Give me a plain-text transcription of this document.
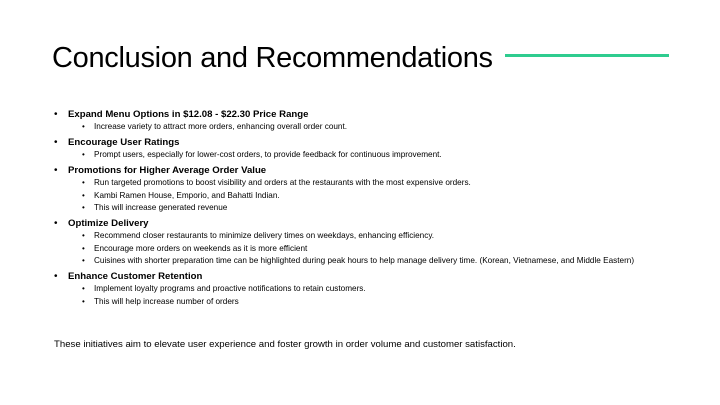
Conclusion and Recommendations
• Expand Menu Options in $12.08 - $22.30 Price Range
• Increase variety to attract more orders, enhancing overall order count.
• Encourage User Ratings
• Prompt users, especially for lower-cost orders, to provide feedback for continuous improvement.
• Promotions for Higher Average Order Value
• Run targeted promotions to boost visibility and orders at the restaurants with the most expensive orders.
• Kambi Ramen House, Emporio, and Bahatti Indian.
• This will increase generated revenue
• Optimize Delivery
• Recommend closer restaurants to minimize delivery times on weekdays, enhancing efficiency.
• Encourage more orders on weekends as it is more efficient
• Cuisines with shorter preparation time can be highlighted during peak hours to help manage delivery time. (Korean, Vietnamese, and Middle Eastern)
• Enhance Customer Retention
• Implement loyalty programs and proactive notifications to retain customers.
• This will help increase number of orders
These initiatives aim to elevate user experience and foster growth in order volume and customer satisfaction.
